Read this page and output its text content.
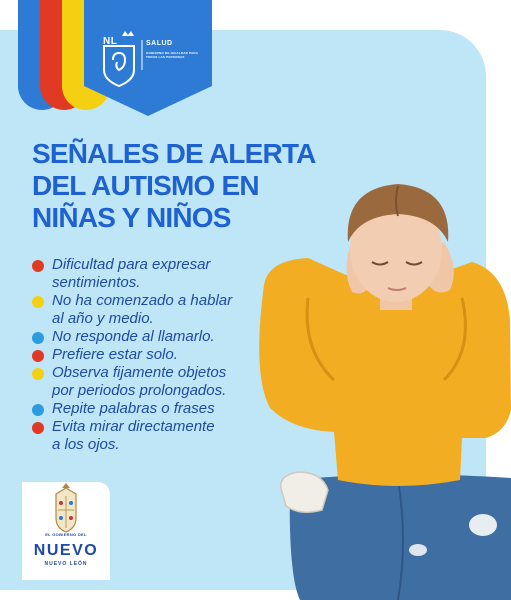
NL	SALUD
GOBIERNO DE IGUALDAD PARA TODAS LAS PERSONAS
SEÑALES DE ALERTA
DEL AUTISMO EN
NIÑAS Y NIÑOS
Dificultad para expresar
sentimientos.
No ha comenzado a hablar
al año y medio.
No responde al llamarlo.
Prefiere estar solo.
Observa fijamente objetos
por periodos prolongados.
Repite palabras o frases
Evita mirar directamente
a los ojos.
EL GOBIERNO DEL
NUEVO
NUEVO LEÓN
